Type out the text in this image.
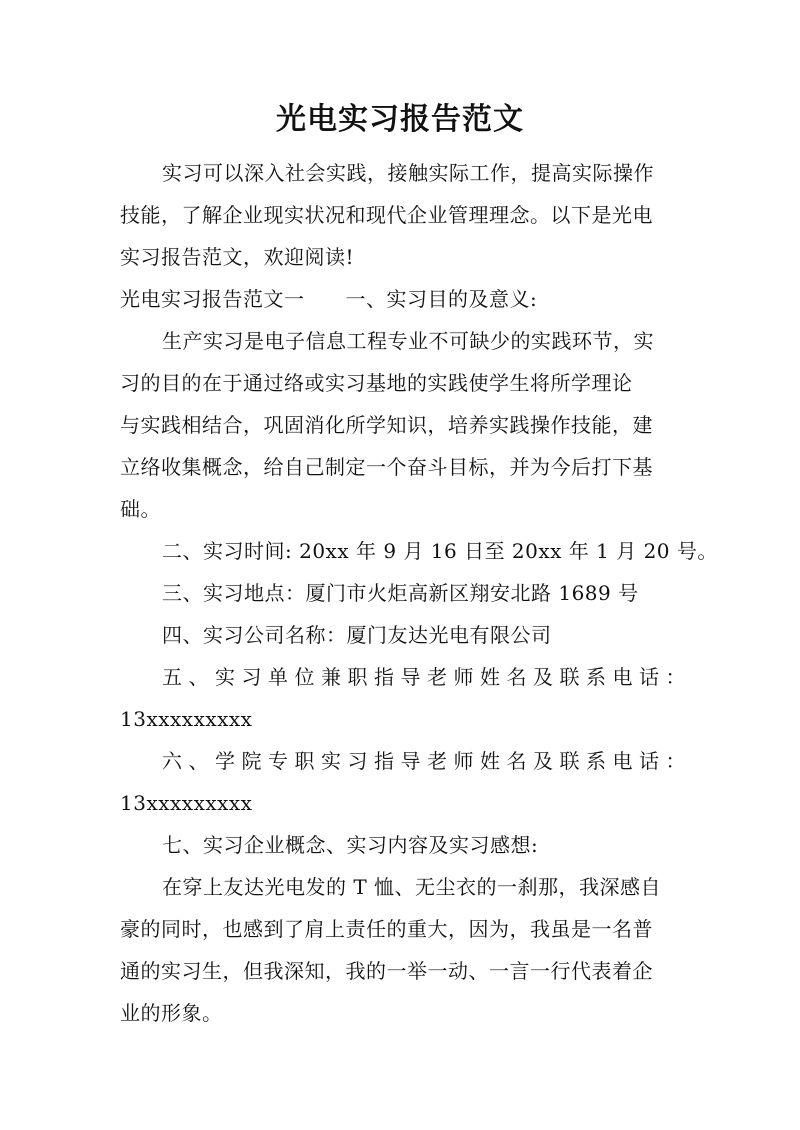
光电实习报告范文
实习可以深入社会实践，接触实际工作，提高实际操作
技能，了解企业现实状况和现代企业管理理念。以下是光电
实习报告范文，欢迎阅读!
光电实习报告范文一　　一、实习目的及意义:
生产实习是电子信息工程专业不可缺少的实践环节，实
习的目的在于通过络或实习基地的实践使学生将所学理论
与实践相结合，巩固消化所学知识，培养实践操作技能，建
立络收集概念，给自己制定一个奋斗目标，并为今后打下基
础。
二、实习时间: 20xx 年 9 月 16 日至 20xx 年 1 月 20 号。
三、实习地点：厦门市火炬高新区翔安北路 1689 号
四、实习公司名称：厦门友达光电有限公司
五、实习单位兼职指导老师姓名及联系电话：
13xxxxxxxxx
六、学院专职实习指导老师姓名及联系电话：
13xxxxxxxxx
七、实习企业概念、实习内容及实习感想:
在穿上友达光电发的 T 恤、无尘衣的一刹那，我深感自
豪的同时，也感到了肩上责任的重大，因为，我虽是一名普
通的实习生，但我深知，我的一举一动、一言一行代表着企
业的形象。
